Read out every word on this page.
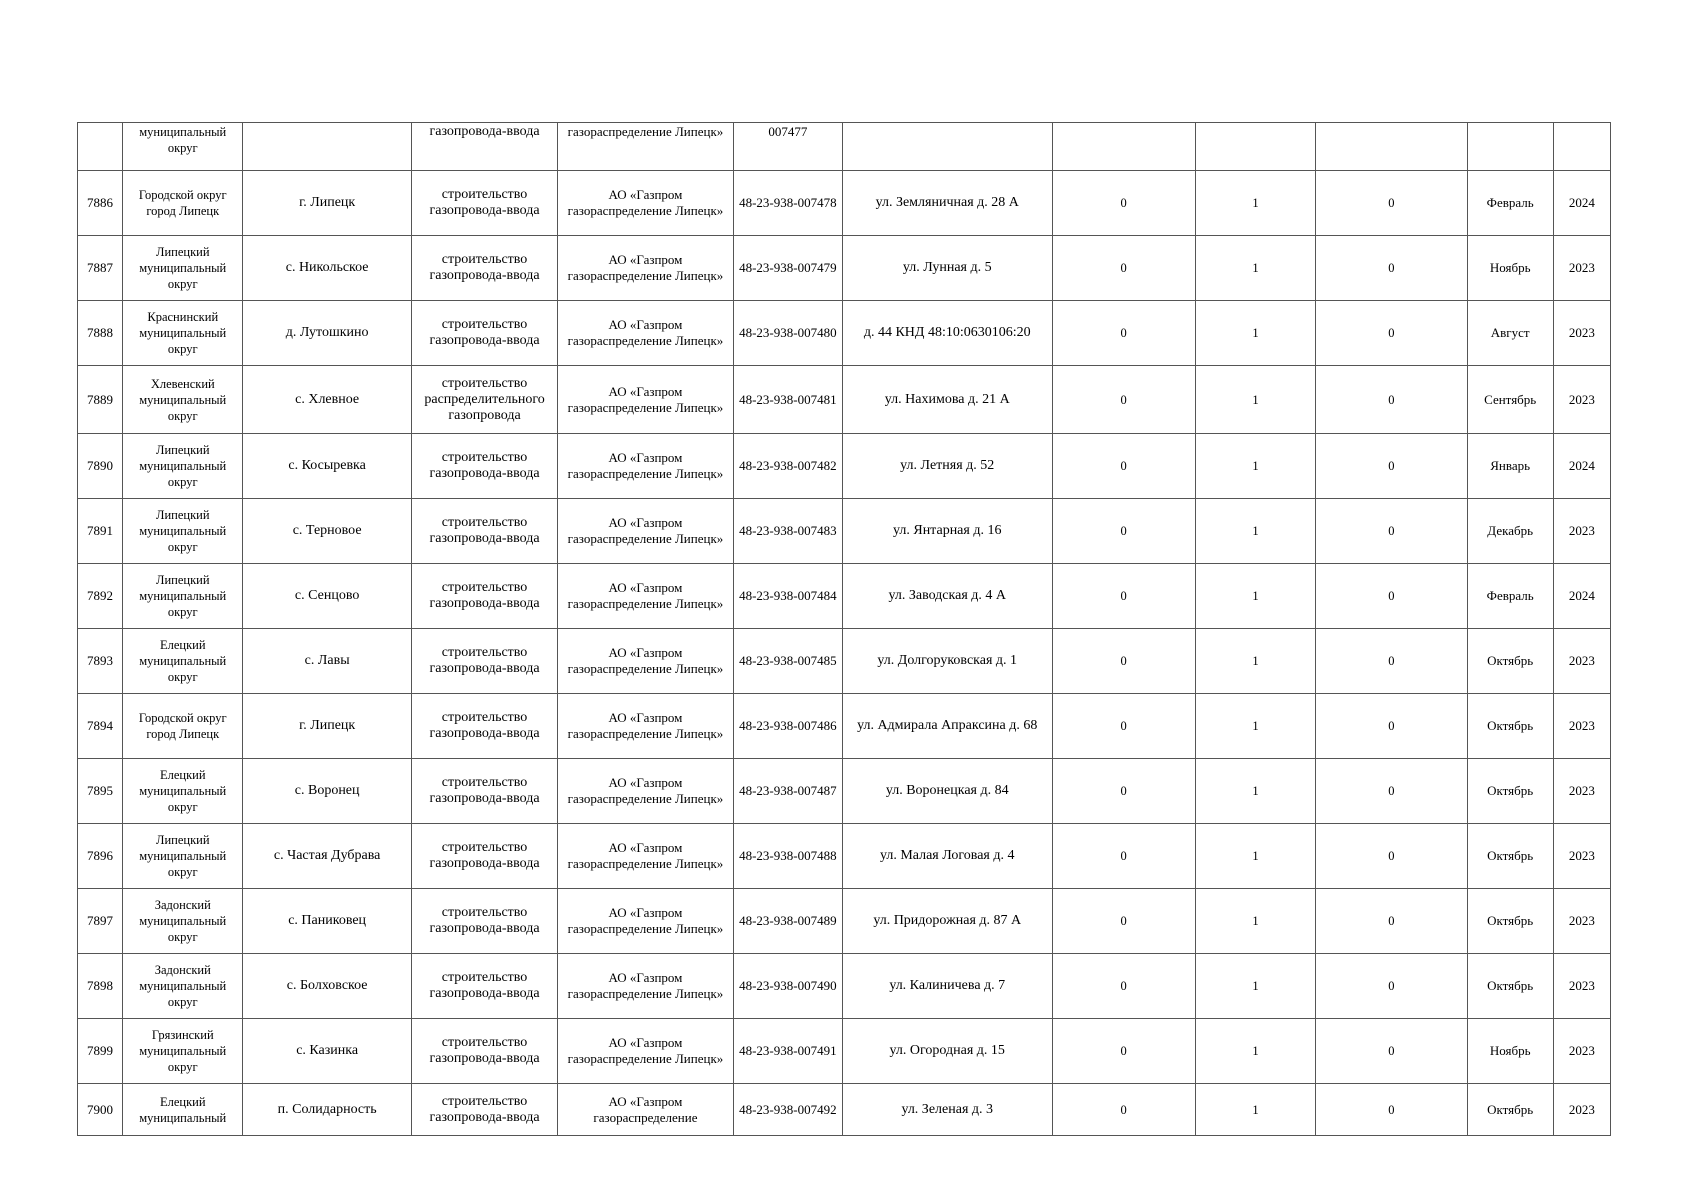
	муниципальный округ		газопровода-ввода	газораспределение Липецк»	007477						
7886	Городской округ город Липецк	г. Липецк	строительство газопровода-ввода	АО «Газпром газораспределение Липецк»	48-23-938-007478	ул. Земляничная д. 28 А	0	1	0	Февраль	2024
7887	Липецкий муниципальный округ	с. Никольское	строительство газопровода-ввода	АО «Газпром газораспределение Липецк»	48-23-938-007479	ул. Лунная д. 5	0	1	0	Ноябрь	2023
7888	Краснинский муниципальный округ	д. Лутошкино	строительство газопровода-ввода	АО «Газпром газораспределение Липецк»	48-23-938-007480	д. 44 КНД 48:10:0630106:20	0	1	0	Август	2023
7889	Хлевенский муниципальный округ	с. Хлевное	строительство распределительного газопровода	АО «Газпром газораспределение Липецк»	48-23-938-007481	ул. Нахимова д. 21 А	0	1	0	Сентябрь	2023
7890	Липецкий муниципальный округ	с. Косыревка	строительство газопровода-ввода	АО «Газпром газораспределение Липецк»	48-23-938-007482	ул. Летняя д. 52	0	1	0	Январь	2024
7891	Липецкий муниципальный округ	с. Терновое	строительство газопровода-ввода	АО «Газпром газораспределение Липецк»	48-23-938-007483	ул. Янтарная д. 16	0	1	0	Декабрь	2023
7892	Липецкий муниципальный округ	с. Сенцово	строительство газопровода-ввода	АО «Газпром газораспределение Липецк»	48-23-938-007484	ул. Заводская д. 4 А	0	1	0	Февраль	2024
7893	Елецкий муниципальный округ	с. Лавы	строительство газопровода-ввода	АО «Газпром газораспределение Липецк»	48-23-938-007485	ул. Долгоруковская д. 1	0	1	0	Октябрь	2023
7894	Городской округ город Липецк	г. Липецк	строительство газопровода-ввода	АО «Газпром газораспределение Липецк»	48-23-938-007486	ул. Адмирала Апраксина д. 68	0	1	0	Октябрь	2023
7895	Елецкий муниципальный округ	с. Воронец	строительство газопровода-ввода	АО «Газпром газораспределение Липецк»	48-23-938-007487	ул. Воронецкая д. 84	0	1	0	Октябрь	2023
7896	Липецкий муниципальный округ	с. Частая Дубрава	строительство газопровода-ввода	АО «Газпром газораспределение Липецк»	48-23-938-007488	ул. Малая Логовая д. 4	0	1	0	Октябрь	2023
7897	Задонский муниципальный округ	с. Паниковец	строительство газопровода-ввода	АО «Газпром газораспределение Липецк»	48-23-938-007489	ул. Придорожная д. 87 А	0	1	0	Октябрь	2023
7898	Задонский муниципальный округ	с. Болховское	строительство газопровода-ввода	АО «Газпром газораспределение Липецк»	48-23-938-007490	ул. Калиничева д. 7	0	1	0	Октябрь	2023
7899	Грязинский муниципальный округ	с. Казинка	строительство газопровода-ввода	АО «Газпром газораспределение Липецк»	48-23-938-007491	ул. Огородная д. 15	0	1	0	Ноябрь	2023
7900	Елецкий муниципальный	п. Солидарность	строительство газопровода-ввода	АО «Газпром газораспределение	48-23-938-007492	ул. Зеленая д. 3	0	1	0	Октябрь	2023
